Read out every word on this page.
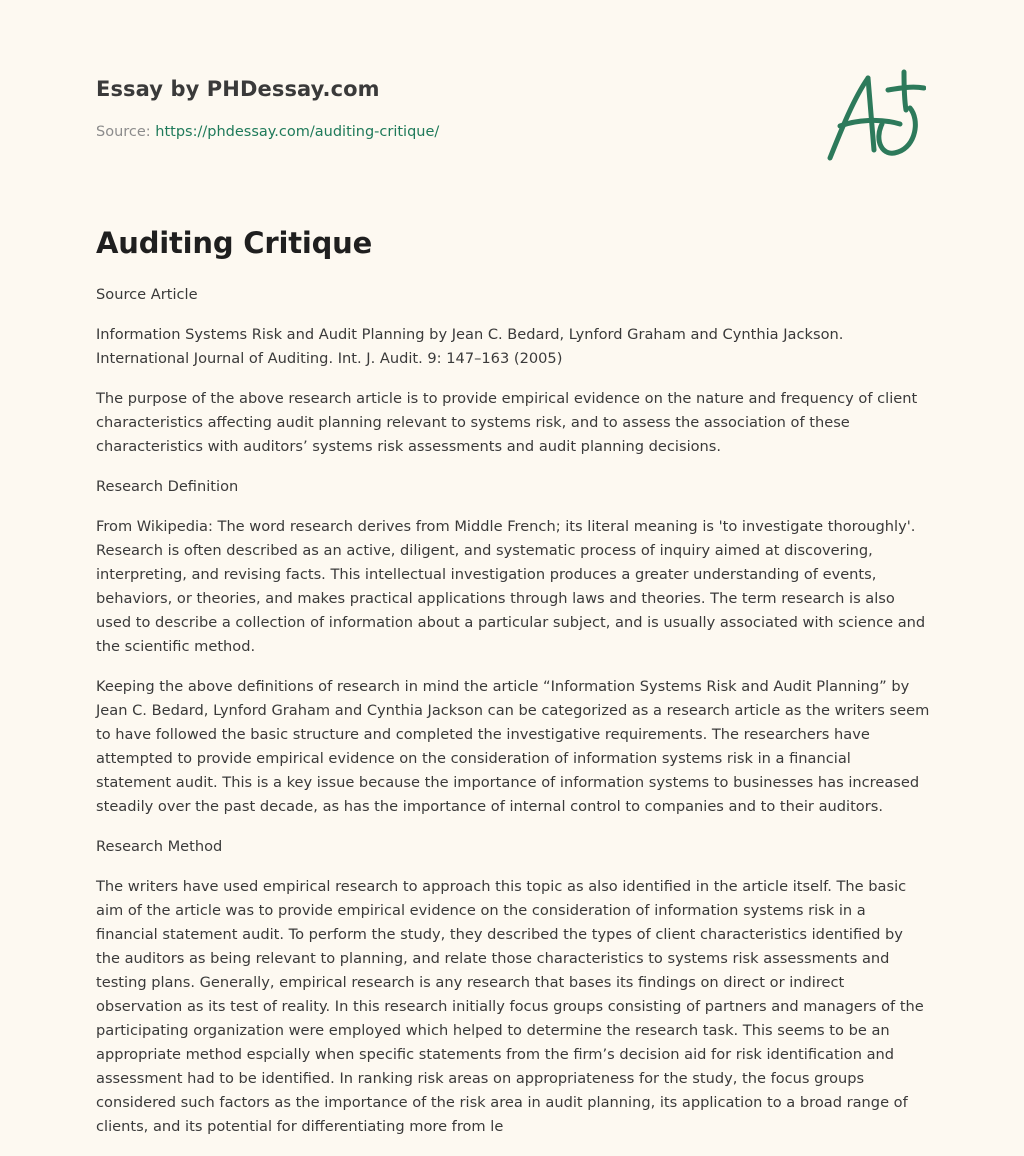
Essay by PHDessay.com

Source: https://phdessay.com/auditing-critique/

Auditing Critique

Source Article

Information Systems Risk and Audit Planning by Jean C. Bedard, Lynford Graham and Cynthia Jackson. International Journal of Auditing. Int. J. Audit. 9: 147–163 (2005)

The purpose of the above research article is to provide empirical evidence on the nature and frequency of client characteristics affecting audit planning relevant to systems risk, and to assess the association of these characteristics with auditors’ systems risk assessments and audit planning decisions.

Research Definition

From Wikipedia: The word research derives from Middle French; its literal meaning is 'to investigate thoroughly'. Research is often described as an active, diligent, and systematic process of inquiry aimed at discovering, interpreting, and revising facts. This intellectual investigation produces a greater understanding of events, behaviors, or theories, and makes practical applications through laws and theories. The term research is also used to describe a collection of information about a particular subject, and is usually associated with science and the scientific method.

Keeping the above definitions of research in mind the article “Information Systems Risk and Audit Planning” by Jean C. Bedard, Lynford Graham and Cynthia Jackson can be categorized as a research article as the writers seem to have followed the basic structure and completed the investigative requirements. The researchers have attempted to provide empirical evidence on the consideration of information systems risk in a financial statement audit. This is a key issue because the importance of information systems to businesses has increased steadily over the past decade, as has the importance of internal control to companies and to their auditors.

Research Method

The writers have used empirical research to approach this topic as also identified in the article itself. The basic aim of the article was to provide empirical evidence on the consideration of information systems risk in a financial statement audit. To perform the study, they described the types of client characteristics identified by the auditors as being relevant to planning, and relate those characteristics to systems risk assessments and testing plans. Generally, empirical research is any research that bases its findings on direct or indirect observation as its test of reality. In this research initially focus groups consisting of partners and managers of the participating organization were employed which helped to determine the research task. This seems to be an appropriate method espcially when specific statements from the firm’s decision aid for risk identification and assessment had to be identified. In ranking risk areas on appropriateness for the study, the focus groups considered such factors as the importance of the risk area in audit planning, its application to a broad range of clients, and its potential for differentiating more from le
